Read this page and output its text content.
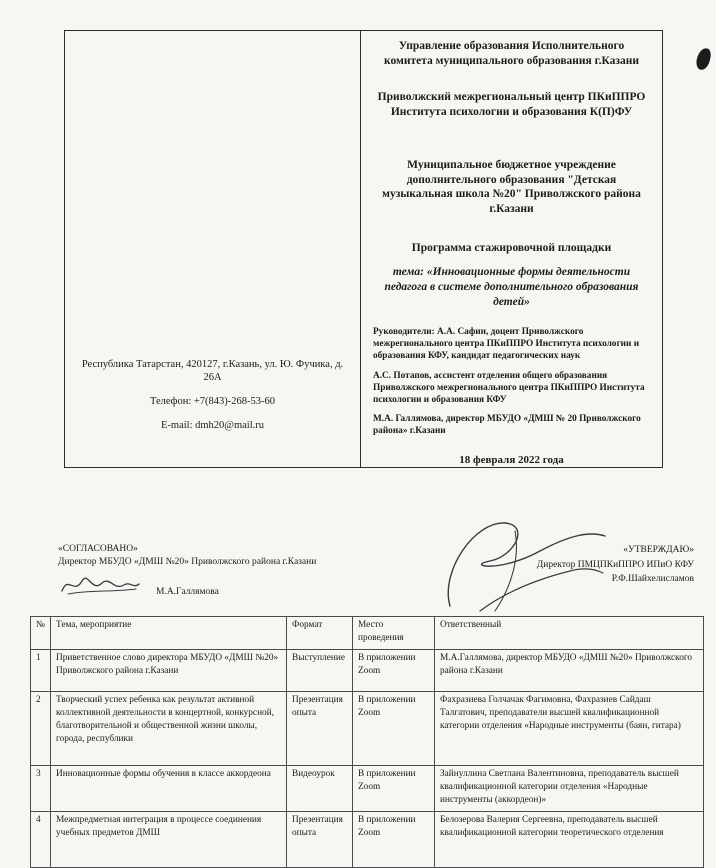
Республика Татарстан, 420127, г.Казань, ул. Ю. Фучика, д. 26А

Телефон: +7(843)-268-53-60

E-mail: dmh20@mail.ru

Управление образования Исполнительного комитета муниципального образования г.Казани

Приволжский межрегиональный центр ПКиППРО Института психологии и образования К(П)ФУ

Муниципальное бюджетное учреждение дополнительного образования "Детская музыкальная школа №20" Приволжского района г.Казани

Программа стажировочной площадки

тема: «Инновационные формы деятельности педагога в системе дополнительного образования детей»

Руководители: А.А. Сафин, доцент Приволжского межрегионального центра ПКиППРО Института психологии и образования КФУ, кандидат педагогических наук

А.С. Потапов, ассистент отделения общего образования Приволжского межрегионального центра ПКиППРО Института психологии и образования КФУ

М.А. Галлямова, директор МБУДО «ДМШ № 20 Приволжского района» г.Казани

18 февраля 2022 года

«СОГЛАСОВАНО»

Директор МБУДО «ДМШ №20» Приволжского района г.Казани

М.А.Галлямова

«УТВЕРЖДАЮ»

Директор ПМЦПКиППРО ИПиО КФУ

Р.Ф.Шайхелисламов

№	Тема, мероприятие	Формат	Место проведения	Ответственный
1	Приветственное слово директора МБУДО «ДМШ №20» Приволжского района г.Казани	Выступление	В приложении Zoom	М.А.Галлямова, директор МБУДО «ДМШ №20» Приволжского района г.Казани
2	Творческий успех ребенка как результат активной коллективной деятельности в концертной, конкурсной, благотворительной и общественной жизни школы, города, республики	Презентация опыта	В приложении Zoom	Фахразиева Голчачак Фагимовна, Фахразиев Сайдаш Талгатович, преподаватели высшей квалификационной категории отделения «Народные инструменты (баян, гитара)
3	Инновационные формы обучения в классе аккордеона	Видеоурок	В приложении Zoom	Зайнуллина Светлана Валентиновна, преподаватель высшей квалификационной категории отделения «Народные инструменты (аккордеон)»
4	Межпредметная интеграция в процессе соединения учебных предметов ДМШ	Презентация опыта	В приложении Zoom	Белозерова Валерия Сергеевна, преподаватель высшей квалификационной категории теоретического отделения
